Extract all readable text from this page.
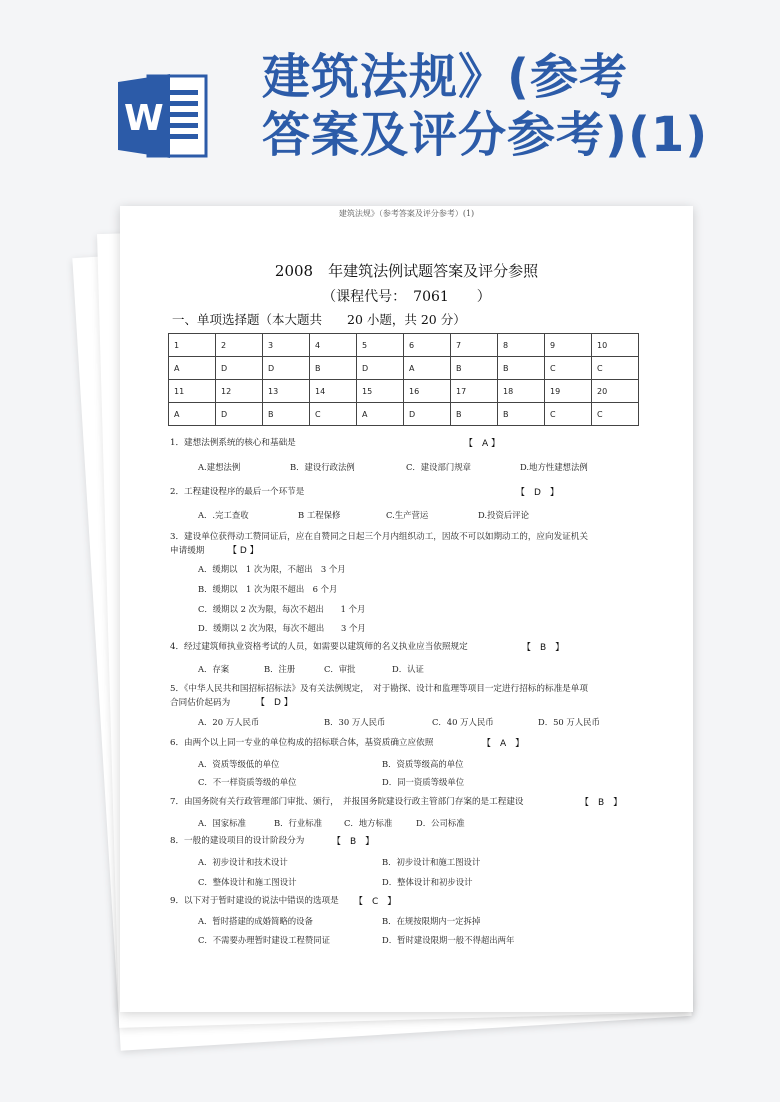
W
建筑法规》(参考
答案及评分参考)(1)
建筑法规》（参考答案及评分参考）(1)
2008　年建筑法例试题答案及评分参照
（课程代号：　7061　　）
一、单项选择题（本大题共　　20 小题，共 20 分）
1	2	3	4	5	6	7	8	9	10
A	D	D	B	D	A	B	B	C	C
11	12	13	14	15	16	17	18	19	20
A	D	B	C	A	D	B	B	C	C
1．建想法例系统的核心和基础是	【　A 】
A.建想法例	B．建设行政法例	C．建设部门规章	D.地方性建想法例
2．工程建设程序的最后一个环节是	【　D　】
A．.完工查收	B 工程保修	C.生产营运	D.投资后评论
3．建设单位获得动工赞同证后，应在自赞同之日起三个月内组织动工，因故不可以如期动工的，应向发证机关申请缓期	【 D 】
A．缓期以　1 次为限，不超出　3 个月
B．缓期以　1 次为限不超出　6 个月
C．缓期以 2 次为限，每次不超出　　1 个月
D．缓期以 2 次为限，每次不超出　　3 个月
4．经过建筑师执业资格考试的人员，如需要以建筑师的名义执业应当依照规定	【　B　】
A．存案	B．注册	C．审批	D．认证
5．《中华人民共和国招标招标法》及有关法例规定，　对于勘探、设计和监理等项目一定进行招标的标准是单项合同估价起码为	【　D 】
A．20 万人民币	B．30 万人民币	C．40 万人民币	D．50 万人民币
6．由两个以上同一专业的单位构成的招标联合体，基资质确立应依照	【　A　】
A．资质等级低的单位	B．资质等级高的单位
C．不一样资质等级的单位	D．同一资质等级单位
7．由国务院有关行政管理部门审批、颁行，　并报国务院建设行政主管部门存案的是工程建设	【　B　】
A．国家标准	B．行业标准	C．地方标准	D．公司标准
8．一般的建设项目的设计阶段分为	【　B　】
A．初步设计和技术设计	B．初步设计和施工图设计
C．整体设计和施工图设计	D．整体设计和初步设计
9．以下对于暂时建设的说法中错误的选项是 【　C　】
A．暂时搭建的成婚简略的设备	B．在规按限期内一定拆掉
C．不需要办理暂时建设工程赞同证	D．暂时建设限期一般不得超出两年
